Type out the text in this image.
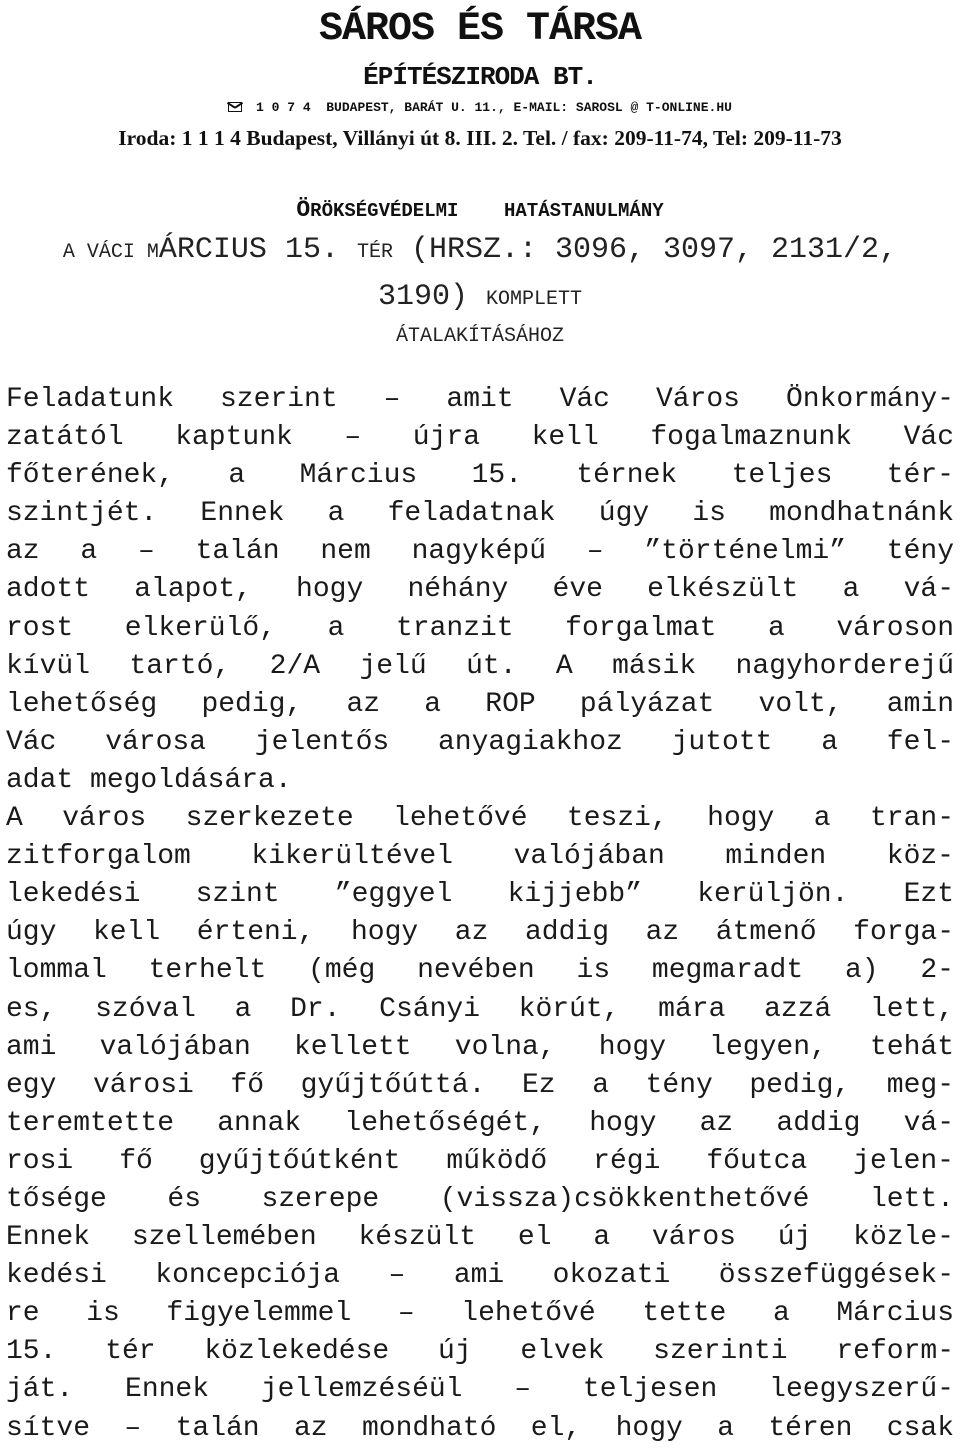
SÁROS ÉS TÁRSA
ÉPÍTÉSZIRODA BT.
1 0 7 4  BUDAPEST, BARÁT U. 11., E-MAIL: SAROSL @ T-ONLINE.HU
Iroda: 1 1 1 4 Budapest, Villányi út 8. III. 2. Tel. / fax: 209-11-74, Tel: 209-11-73
ÖRÖKSÉGVÉDELMI    HATÁSTANULMÁNY
A VÁCI MÁRCIUS 15. TÉR (HRSZ.: 3096, 3097, 2131/2,
3190) KOMPLETT
ÁTALAKÍTÁSÁHOZ
Feladatunk szerint – amit Vác Város Önkormány-
zatától kaptunk – újra kell fogalmaznunk Vác
főterének, a Március 15. térnek teljes tér-
szintjét. Ennek a feladatnak úgy is mondhatnánk
az a – talán nem nagyképű – ”történelmi” tény
adott alapot, hogy néhány éve elkészült a vá-
rost elkerülő, a tranzit forgalmat a városon
kívül tartó, 2/A jelű út. A másik nagyhorderejű
lehetőség pedig, az a ROP pályázat volt, amin
Vác városa jelentős anyagiakhoz jutott a fel-
adat megoldására.
A város szerkezete lehetővé teszi, hogy a tran-
zitforgalom kikerültével valójában minden köz-
lekedési szint ”eggyel kijjebb” kerüljön. Ezt
úgy kell érteni, hogy az addig az átmenő forga-
lommal terhelt (még nevében is megmaradt a) 2-
es, szóval a Dr. Csányi körút, mára azzá lett,
ami valójában kellett volna, hogy legyen, tehát
egy városi fő gyűjtőúttá. Ez a tény pedig, meg-
teremtette annak lehetőségét, hogy az addig vá-
rosi fő gyűjtőútként működő régi főutca jelen-
tősége és szerepe (vissza)csökkenthetővé lett.
Ennek szellemében készült el a város új közle-
kedési koncepciója – ami okozati összefüggések-
re is figyelemmel – lehetővé tette a Március
15. tér közlekedése új elvek szerinti reform-
ját. Ennek jellemzéséül – teljesen leegyszerű-
sítve – talán az mondható el, hogy a téren csak
